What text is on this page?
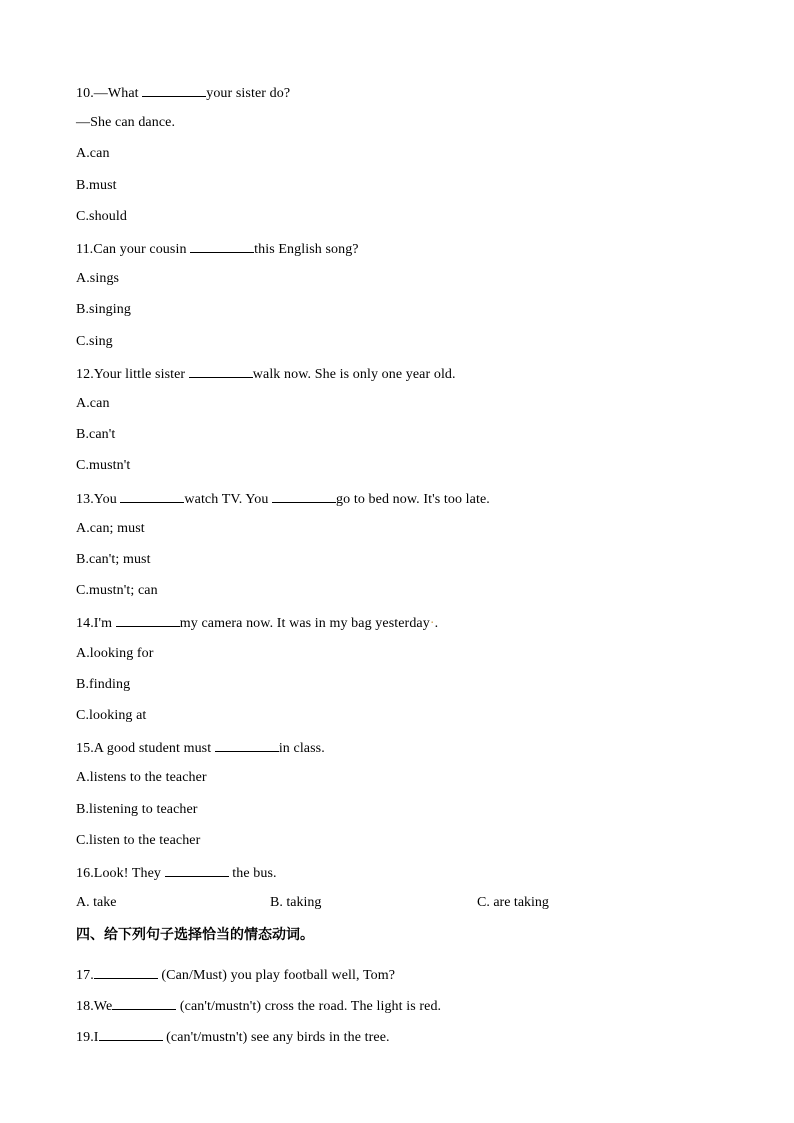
10.—What	your sister do?
—She can dance.
A.can
B.must
C.should
11.Can your cousin	this English song?
A.sings
B.singing
C.sing
12.Your little sister	walk now. She is only one year old.
A.can
B.can't
C.mustn't
13.You	watch TV. You	go to bed now. It's too late.
A.can; must
B.can't; must
C.mustn't; can
14.I'm	my camera now. It was in my bag yesterday·.
A.looking for
B.finding
C.looking at
15.A good student must	in class.
A.listens to the teacher
B.listening to teacher
C.listen to the teacher
16.Look! They	the bus.
A. take	B. taking	C. are taking
四、给下列句子选择恰当的情态动词。
17.	(Can/Must) you play football well, Tom?
18.We	(can't/mustn't) cross the road. The light is red.
19.I	(can't/mustn't) see any birds in the tree.
